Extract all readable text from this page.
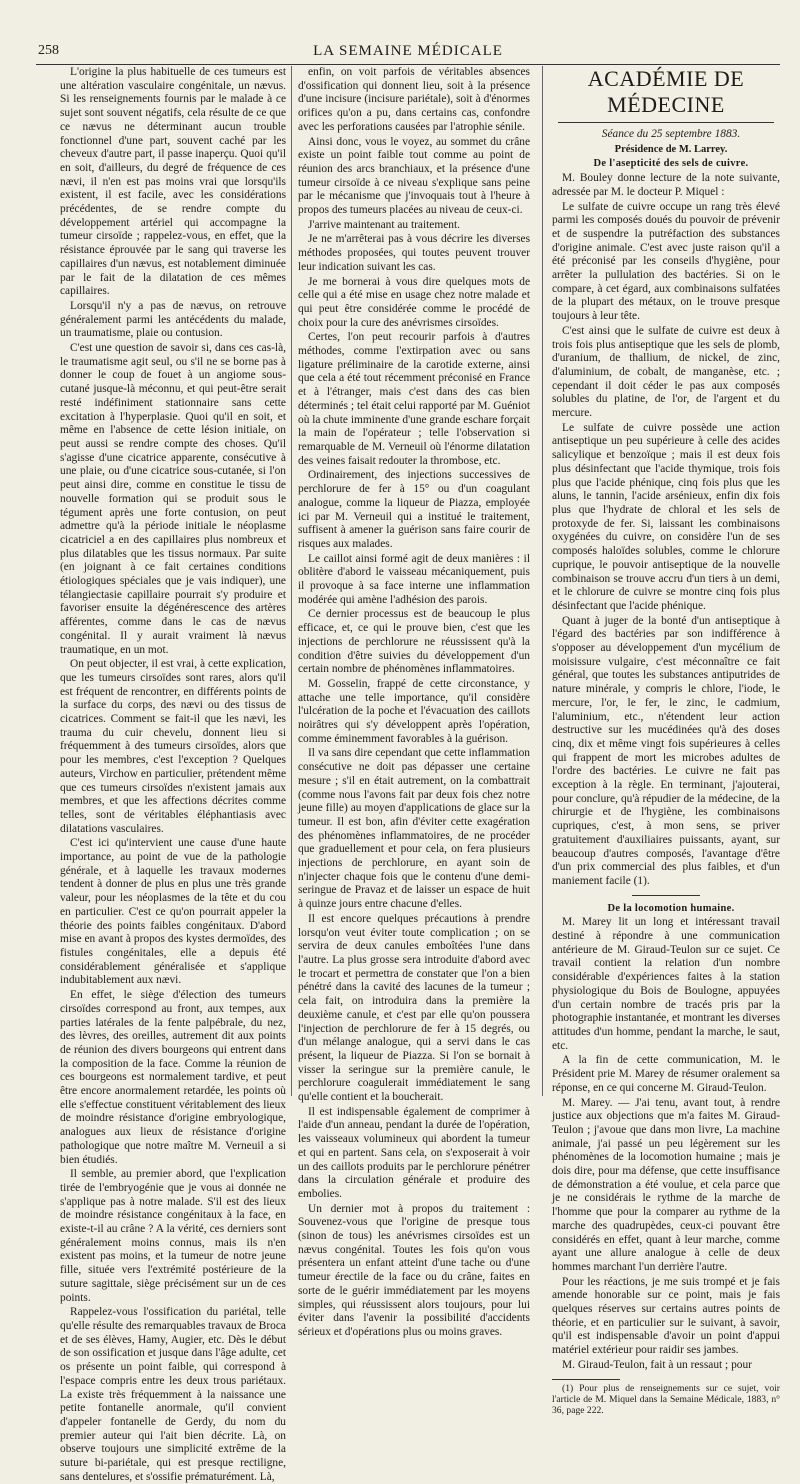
258	LA SEMAINE MÉDICALE

L'origine la plus habituelle de ces tumeurs est une altération vasculaire congénitale, un nævus. Si les renseignements fournis par le malade à ce sujet sont souvent négatifs, cela résulte de ce que ce nævus ne déterminant aucun trouble fonctionnel d'une part, souvent caché par les cheveux d'autre part, il passe inaperçu. Quoi qu'il en soit, d'ailleurs, du degré de fréquence de ces nævi, il n'en est pas moins vrai que lorsqu'ils existent, il est facile, avec les considérations précédentes, de se rendre compte du développement artériel qui accompagne la tumeur cirsoïde ; rappelez-vous, en effet, que la résistance éprouvée par le sang qui traverse les capillaires d'un nævus, est notablement diminuée par le fait de la dilatation de ces mêmes capillaires.

Lorsqu'il n'y a pas de nævus, on retrouve généralement parmi les antécédents du malade, un traumatisme, plaie ou contusion.

C'est une question de savoir si, dans ces cas-là, le traumatisme agit seul, ou s'il ne se borne pas à donner le coup de fouet à un angiome sous-cutané jusque-là méconnu, et qui peut-être serait resté indéfiniment stationnaire sans cette excitation à l'hyperplasie. Quoi qu'il en soit, et même en l'absence de cette lésion initiale, on peut aussi se rendre compte des choses. Qu'il s'agisse d'une cicatrice apparente, consécutive à une plaie, ou d'une cicatrice sous-cutanée, si l'on peut ainsi dire, comme en constitue le tissu de nouvelle formation qui se produit sous le tégument après une forte contusion, on peut admettre qu'à la période initiale le néoplasme cicatriciel a en des capillaires plus nombreux et plus dilatables que les tissus normaux. Par suite (en joignant à ce fait certaines conditions étiologiques spéciales que je vais indiquer), une télangiectasie capillaire pourrait s'y produire et favoriser ensuite la dégénérescence des artères afférentes, comme dans le cas de nævus congénital. Il y aurait vraiment là nævus traumatique, en un mot.

On peut objecter, il est vrai, à cette explication, que les tumeurs cirsoïdes sont rares, alors qu'il est fréquent de rencontrer, en différents points de la surface du corps, des nævi ou des tissus de cicatrices. Comment se fait-il que les nævi, les trauma du cuir chevelu, donnent lieu si fréquemment à des tumeurs cirsoïdes, alors que pour les membres, c'est l'exception ? Quelques auteurs, Virchow en particulier, prétendent même que ces tumeurs cirsoïdes n'existent jamais aux membres, et que les affections décrites comme telles, sont de véritables éléphantiasis avec dilatations vasculaires.

C'est ici qu'intervient une cause d'une haute importance, au point de vue de la pathologie générale, et à laquelle les travaux modernes tendent à donner de plus en plus une très grande valeur, pour les néoplasmes de la tête et du cou en particulier. C'est ce qu'on pourrait appeler la théorie des points faibles congénitaux. D'abord mise en avant à propos des kystes dermoïdes, des fistules congénitales, elle a depuis été considérablement généralisée et s'applique indubitablement aux nævi.

En effet, le siège d'élection des tumeurs cirsoïdes correspond au front, aux tempes, aux parties latérales de la fente palpébrale, du nez, des lèvres, des oreilles, autrement dit aux points de réunion des divers bourgeons qui entrent dans la composition de la face. Comme la réunion de ces bourgeons est normalement tardive, et peut être encore anormalement retardée, les points où elle s'effectue constituent véritablement des lieux de moindre résistance d'origine embryologique, analogues aux lieux de résistance d'origine pathologique que notre maître M. Verneuil a si bien étudiés.

Il semble, au premier abord, que l'explication tirée de l'embryogénie que je vous ai donnée ne s'applique pas à notre malade. S'il est des lieux de moindre résistance congénitaux à la face, en existe-t-il au crâne ? A la vérité, ces derniers sont généralement moins connus, mais ils n'en existent pas moins, et la tumeur de notre jeune fille, située vers l'extrémité postérieure de la suture sagittale, siège précisément sur un de ces points.

Rappelez-vous l'ossification du pariétal, telle qu'elle résulte des remarquables travaux de Broca et de ses élèves, Hamy, Augier, etc. Dès le début de son ossification et jusque dans l'âge adulte, cet os présente un point faible, qui correspond à l'espace compris entre les deux trous pariétaux. La existe très fréquemment à la naissance une petite fontanelle anormale, qu'il convient d'appeler fontanelle de Gerdy, du nom du premier auteur qui l'ait bien décrite. Là, on observe toujours une simplicité extrême de la suture bi-pariétale, qui est presque rectiligne, sans dentelures, et s'ossifie prématurément. Là,

enfin, on voit parfois de véritables absences d'ossification qui donnent lieu, soit à la présence d'une incisure (incisure pariétale), soit à d'énormes orifices qu'on a pu, dans certains cas, confondre avec les perforations causées par l'atrophie sénile.

Ainsi donc, vous le voyez, au sommet du crâne existe un point faible tout comme au point de réunion des arcs branchiaux, et la présence d'une tumeur cirsoïde à ce niveau s'explique sans peine par le mécanisme que j'invoquais tout à l'heure à propos des tumeurs placées au niveau de ceux-ci.

J'arrive maintenant au traitement.

Je ne m'arrêterai pas à vous décrire les diverses méthodes proposées, qui toutes peuvent trouver leur indication suivant les cas.

Je me bornerai à vous dire quelques mots de celle qui a été mise en usage chez notre malade et qui peut être considérée comme le procédé de choix pour la cure des anévrismes cirsoïdes.

Certes, l'on peut recourir parfois à d'autres méthodes, comme l'extirpation avec ou sans ligature préliminaire de la carotide externe, ainsi que cela a été tout récemment préconisé en France et à l'étranger, mais c'est dans des cas bien déterminés ; tel était celui rapporté par M. Guéniot où la chute imminente d'une grande eschare forçait la main de l'opérateur ; telle l'observation si remarquable de M. Verneuil où l'énorme dilatation des veines faisait redouter la thrombose, etc.

Ordinairement, des injections successives de perchlorure de fer à 15° ou d'un coagulant analogue, comme la liqueur de Piazza, employée ici par M. Verneuil qui a institué le traitement, suffisent à amener la guérison sans faire courir de risques aux malades.

Le caillot ainsi formé agit de deux manières : il oblitère d'abord le vaisseau mécaniquement, puis il provoque à sa face interne une inflammation modérée qui amène l'adhésion des parois.

Ce dernier processus est de beaucoup le plus efficace, et, ce qui le prouve bien, c'est que les injections de perchlorure ne réussissent qu'à la condition d'être suivies du développement d'un certain nombre de phénomènes inflammatoires.

M. Gosselin, frappé de cette circonstance, y attache une telle importance, qu'il considère l'ulcération de la poche et l'évacuation des caillots noirâtres qui s'y développent après l'opération, comme éminemment favorables à la guérison.

Il va sans dire cependant que cette inflammation consécutive ne doit pas dépasser une certaine mesure ; s'il en était autrement, on la combattrait (comme nous l'avons fait par deux fois chez notre jeune fille) au moyen d'applications de glace sur la tumeur. Il est bon, afin d'éviter cette exagération des phénomènes inflammatoires, de ne procéder que graduellement et pour cela, on fera plusieurs injections de perchlorure, en ayant soin de n'injecter chaque fois que le contenu d'une demi-seringue de Pravaz et de laisser un espace de huit à quinze jours entre chacune d'elles.

Il est encore quelques précautions à prendre lorsqu'on veut éviter toute complication ; on se servira de deux canules emboîtées l'une dans l'autre. La plus grosse sera introduite d'abord avec le trocart et permettra de constater que l'on a bien pénétré dans la cavité des lacunes de la tumeur ; cela fait, on introduira dans la première la deuxième canule, et c'est par elle qu'on poussera l'injection de perchlorure de fer à 15 degrés, ou d'un mélange analogue, qui a servi dans le cas présent, la liqueur de Piazza. Si l'on se bornait à visser la seringue sur la première canule, le perchlorure coagulerait immédiatement le sang qu'elle contient et la boucherait.

Il est indispensable également de comprimer à l'aide d'un anneau, pendant la durée de l'opération, les vaisseaux volumineux qui abordent la tumeur et qui en partent. Sans cela, on s'exposerait à voir un des caillots produits par le perchlorure pénétrer dans la circulation générale et produire des embolies.

Un dernier mot à propos du traitement : Souvenez-vous que l'origine de presque tous (sinon de tous) les anévrismes cirsoïdes est un nævus congénital. Toutes les fois qu'on vous présentera un enfant atteint d'une tache ou d'une tumeur érectile de la face ou du crâne, faites en sorte de le guérir immédiatement par les moyens simples, qui réussissent alors toujours, pour lui éviter dans l'avenir la possibilité d'accidents sérieux et d'opérations plus ou moins graves.

ACADÉMIE DE MÉDECINE

Séance du 25 septembre 1883.

Présidence de M. Larrey.

De l'asepticité des sels de cuivre.

M. Bouley donne lecture de la note suivante, adressée par M. le docteur P. Miquel :

Le sulfate de cuivre occupe un rang très élevé parmi les composés doués du pouvoir de prévenir et de suspendre la putréfaction des substances d'origine animale. C'est avec juste raison qu'il a été préconisé par les conseils d'hygiène, pour arrêter la pullulation des bactéries. Si on le compare, à cet égard, aux combinaisons sulfatées de la plupart des métaux, on le trouve presque toujours à leur tête.

C'est ainsi que le sulfate de cuivre est deux à trois fois plus antiseptique que les sels de plomb, d'uranium, de thallium, de nickel, de zinc, d'aluminium, de cobalt, de manganèse, etc. ; cependant il doit céder le pas aux composés solubles du platine, de l'or, de l'argent et du mercure.

Le sulfate de cuivre possède une action antiseptique un peu supérieure à celle des acides salicylique et benzoïque ; mais il est deux fois plus désinfectant que l'acide thymique, trois fois plus que l'acide phénique, cinq fois plus que les aluns, le tannin, l'acide arsénieux, enfin dix fois plus que l'hydrate de chloral et les sels de protoxyde de fer. Si, laissant les combinaisons oxygénées du cuivre, on considère l'un de ses composés haloïdes solubles, comme le chlorure cuprique, le pouvoir antiseptique de la nouvelle combinaison se trouve accru d'un tiers à un demi, et le chlorure de cuivre se montre cinq fois plus désinfectant que l'acide phénique.

Quant à juger de la bonté d'un antiseptique à l'égard des bactéries par son indifférence à s'opposer au développement d'un mycélium de moisissure vulgaire, c'est méconnaître ce fait général, que toutes les substances antiputrides de nature minérale, y compris le chlore, l'iode, le mercure, l'or, le fer, le zinc, le cadmium, l'aluminium, etc., n'étendent leur action destructive sur les mucédinées qu'à des doses cinq, dix et même vingt fois supérieures à celles qui frappent de mort les microbes adultes de l'ordre des bactéries. Le cuivre ne fait pas exception à la règle. En terminant, j'ajouterai, pour conclure, qu'à répudier de la médecine, de la chirurgie et de l'hygiène, les combinaisons cupriques, c'est, à mon sens, se priver gratuitement d'auxiliaires puissants, ayant, sur beaucoup d'autres composés, l'avantage d'être d'un prix commercial des plus faibles, et d'un maniement facile (1).

De la locomotion humaine.

M. Marey lit un long et intéressant travail destiné à répondre à une communication antérieure de M. Giraud-Teulon sur ce sujet. Ce travail contient la relation d'un nombre considérable d'expériences faites à la station physiologique du Bois de Boulogne, appuyées d'un certain nombre de tracés pris par la photographie instantanée, et montrant les diverses attitudes d'un homme, pendant la marche, le saut, etc.

A la fin de cette communication, M. le Président prie M. Marey de résumer oralement sa réponse, en ce qui concerne M. Giraud-Teulon.

M. Marey. — J'ai tenu, avant tout, à rendre justice aux objections que m'a faites M. Giraud-Teulon ; j'avoue que dans mon livre, La machine animale, j'ai passé un peu légèrement sur les phénomènes de la locomotion humaine ; mais je dois dire, pour ma défense, que cette insuffisance de démonstration a été voulue, et cela parce que je ne considérais le rythme de la marche de l'homme que pour la comparer au rythme de la marche des quadrupèdes, ceux-ci pouvant être considérés en effet, quant à leur marche, comme ayant une allure analogue à celle de deux hommes marchant l'un derrière l'autre.

Pour les réactions, je me suis trompé et je fais amende honorable sur ce point, mais je fais quelques réserves sur certains autres points de théorie, et en particulier sur le suivant, à savoir, qu'il est indispensable d'avoir un point d'appui matériel extérieur pour raidir ses jambes.

M. Giraud-Teulon, fait à un ressaut ; pour

(1) Pour plus de renseignements sur ce sujet, voir l'article de M. Miquel dans la Semaine Médicale, 1883, n° 36, page 222.
